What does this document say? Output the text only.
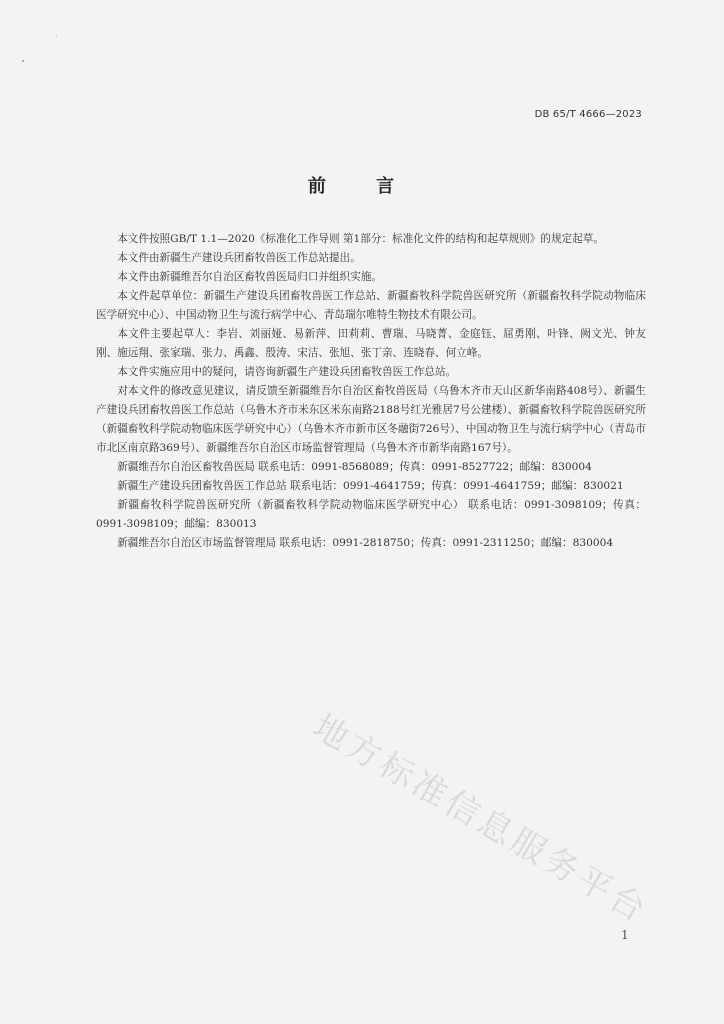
DB 65/T 4666—2023
前 言

本文件按照GB/T 1.1—2020《标准化工作导则 第1部分：标准化文件的结构和起草规则》的规定起草。

本文件由新疆生产建设兵团畜牧兽医工作总站提出。

本文件由新疆维吾尔自治区畜牧兽医局归口并组织实施。

本文件起草单位：新疆生产建设兵团畜牧兽医工作总站、新疆畜牧科学院兽医研究所（新疆畜牧科学院动物临床医学研究中心）、中国动物卫生与流行病学中心、青岛瑞尔唯特生物技术有限公司。

本文件主要起草人：李岩、刘丽娅、易新萍、田莉莉、曹瑞、马晓菁、金庭钰、屈勇刚、叶锋、阙文光、钟友刚、施远翔、张家瑞、张力、禹鑫、殷涛、宋洁、张旭、张丁亲、连晓春、何立峰。

本文件实施应用中的疑问，请咨询新疆生产建设兵团畜牧兽医工作总站。

对本文件的修改意见建议，请反馈至新疆维吾尔自治区畜牧兽医局（乌鲁木齐市天山区新华南路408号）、新疆生产建设兵团畜牧兽医工作总站（乌鲁木齐市米东区米东南路2188号红光雅居7号公建楼）、新疆畜牧科学院兽医研究所（新疆畜牧科学院动物临床医学研究中心）（乌鲁木齐市新市区冬融街726号）、中国动物卫生与流行病学中心（青岛市市北区南京路369号）、新疆维吾尔自治区市场监督管理局（乌鲁木齐市新华南路167号）。

新疆维吾尔自治区畜牧兽医局 联系电话：0991-8568089；传真：0991-8527722；邮编：830004

新疆生产建设兵团畜牧兽医工作总站 联系电话：0991-4641759；传真：0991-4641759；邮编：830021

新疆畜牧科学院兽医研究所（新疆畜牧科学院动物临床医学研究中心） 联系电话：0991-3098109；传真：0991-3098109；邮编：830013

新疆维吾尔自治区市场监督管理局 联系电话：0991-2818750；传真：0991-2311250；邮编：830004

地方标准信息服务平台
1
